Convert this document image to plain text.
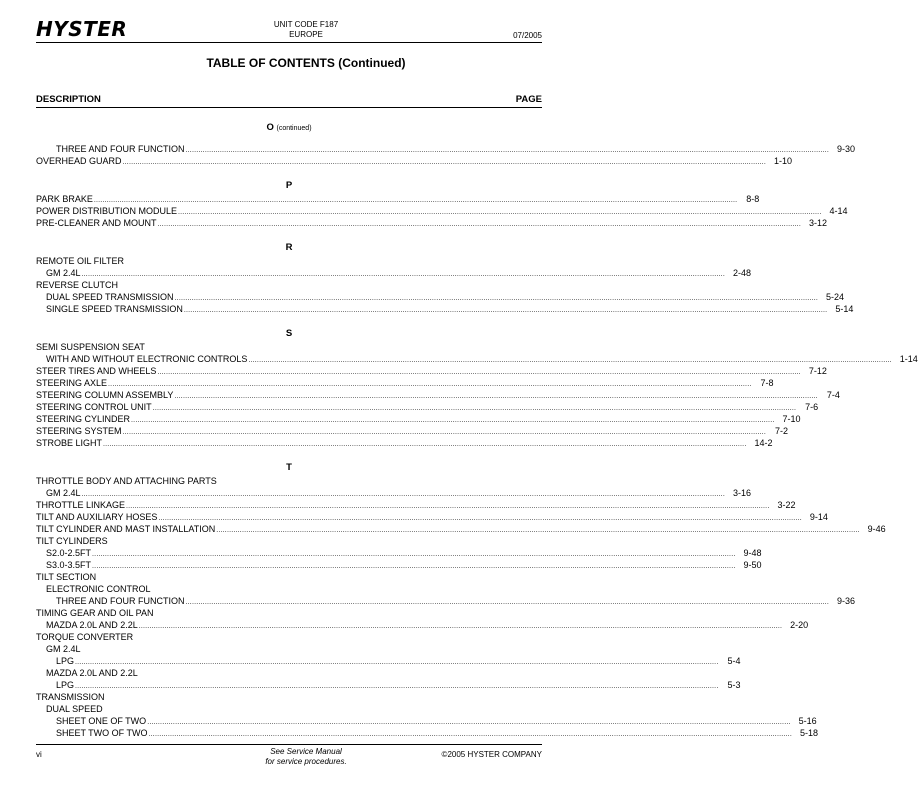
HYSTER	UNIT CODE F187
EUROPE	07/2005
TABLE OF CONTENTS (Continued)
DESCRIPTION	PAGE
O (continued)
THREE AND FOUR FUNCTION ............................................................................................................................................................................................................................................................................................................ 9-30
OVERHEAD GUARD ............................................................................................................................................................................................................................................................................................................ 1-10
P
PARK BRAKE ............................................................................................................................................................................................................................................................................................................ 8-8
POWER DISTRIBUTION MODULE ............................................................................................................................................................................................................................................................................................................ 4-14
PRE-CLEANER AND MOUNT ............................................................................................................................................................................................................................................................................................................ 3-12
R
REMOTE OIL FILTER
GM 2.4L ............................................................................................................................................................................................................................................................................................................ 2-48
REVERSE CLUTCH
DUAL SPEED TRANSMISSION ............................................................................................................................................................................................................................................................................................................ 5-24
SINGLE SPEED TRANSMISSION ............................................................................................................................................................................................................................................................................................................ 5-14
S
SEMI SUSPENSION SEAT
WITH AND WITHOUT ELECTRONIC CONTROLS ............................................................................................................................................................................................................................................................................................................ 1-14
STEER TIRES AND WHEELS ............................................................................................................................................................................................................................................................................................................ 7-12
STEERING AXLE ............................................................................................................................................................................................................................................................................................................ 7-8
STEERING COLUMN ASSEMBLY ............................................................................................................................................................................................................................................................................................................ 7-4
STEERING CONTROL UNIT ............................................................................................................................................................................................................................................................................................................ 7-6
STEERING CYLINDER ............................................................................................................................................................................................................................................................................................................ 7-10
STEERING SYSTEM ............................................................................................................................................................................................................................................................................................................ 7-2
STROBE LIGHT ............................................................................................................................................................................................................................................................................................................ 14-2
T
THROTTLE BODY AND ATTACHING PARTS
GM 2.4L ............................................................................................................................................................................................................................................................................................................ 3-16
THROTTLE LINKAGE ............................................................................................................................................................................................................................................................................................................ 3-22
TILT AND AUXILIARY HOSES ............................................................................................................................................................................................................................................................................................................ 9-14
TILT CYLINDER AND MAST INSTALLATION ............................................................................................................................................................................................................................................................................................................ 9-46
TILT CYLINDERS
S2.0-2.5FT ............................................................................................................................................................................................................................................................................................................ 9-48
S3.0-3.5FT ............................................................................................................................................................................................................................................................................................................ 9-50
TILT SECTION
ELECTRONIC CONTROL
THREE AND FOUR FUNCTION ............................................................................................................................................................................................................................................................................................................ 9-36
TIMING GEAR AND OIL PAN
MAZDA 2.0L AND 2.2L ............................................................................................................................................................................................................................................................................................................ 2-20
TORQUE CONVERTER
GM 2.4L
LPG ............................................................................................................................................................................................................................................................................................................ 5-4
MAZDA 2.0L AND 2.2L
LPG ............................................................................................................................................................................................................................................................................................................ 5-3
TRANSMISSION
DUAL SPEED
SHEET ONE OF TWO ............................................................................................................................................................................................................................................................................................................ 5-16
SHEET TWO OF TWO ............................................................................................................................................................................................................................................................................................................ 5-18
vi	See Service Manual
for service procedures.
©2005 HYSTER COMPANY
